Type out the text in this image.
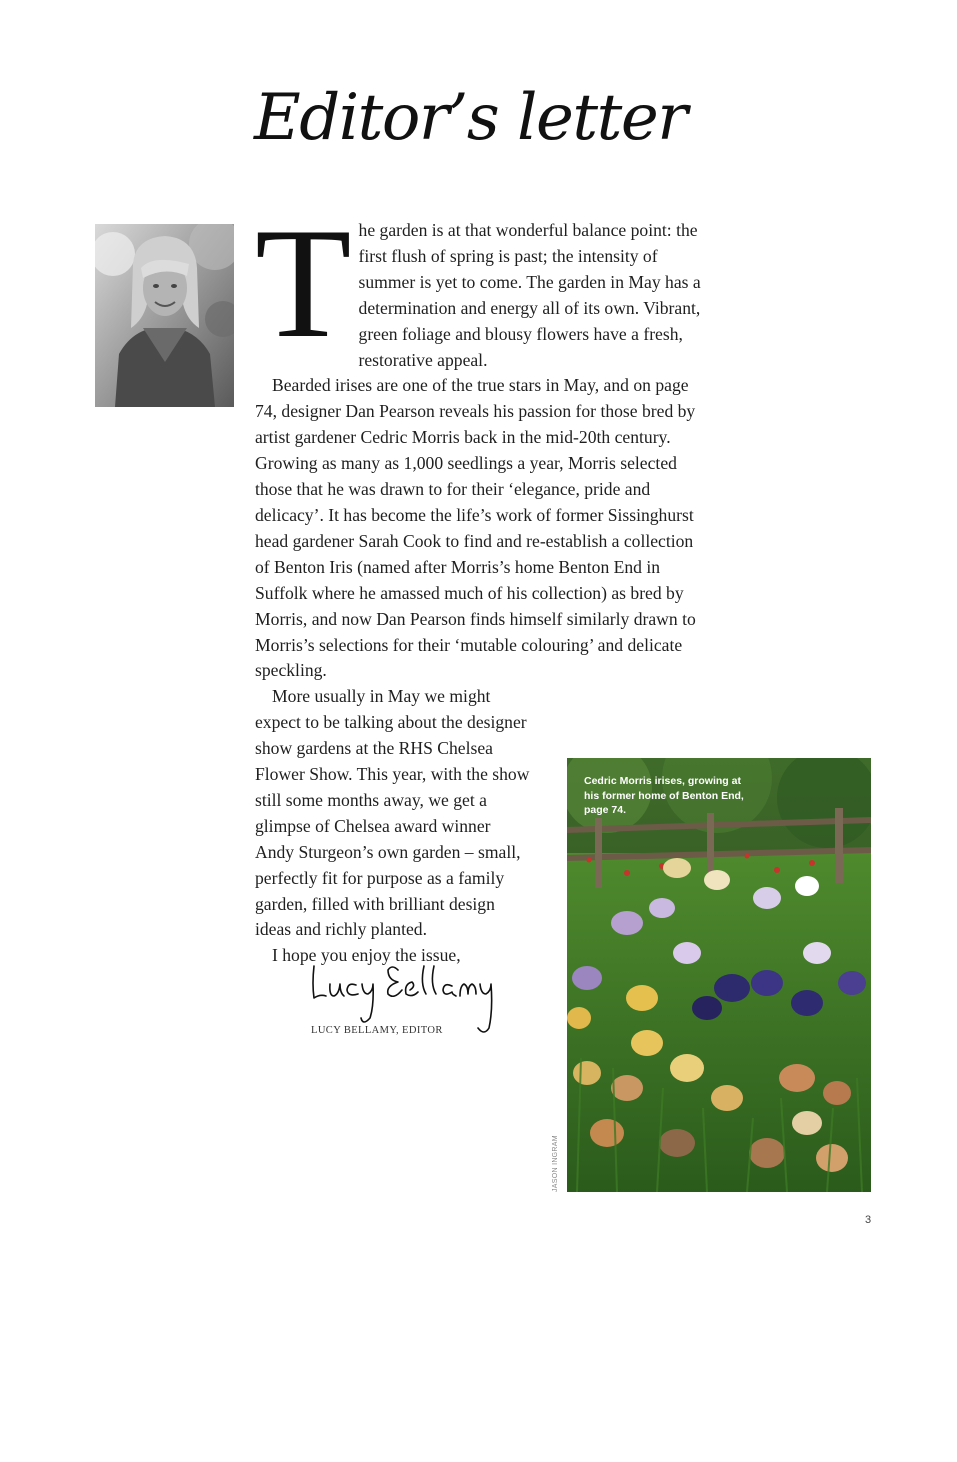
Editor’s letter
T he garden is at that wonderful balance point: the first flush of spring is past; the intensity of summer is yet to come. The garden in May has a determination and energy all of its own. Vibrant, green foliage and blousy flowers have a fresh, restorative appeal.

Bearded irises are one of the true stars in May, and on page 74, designer Dan Pearson reveals his passion for those bred by artist gardener Cedric Morris back in the mid-20th century. Growing as many as 1,000 seedlings a year, Morris selected those that he was drawn to for their ‘elegance, pride and delicacy’. It has become the life’s work of former Sissinghurst head gardener Sarah Cook to find and re-establish a collection of Benton Iris (named after Morris’s home Benton End in Suffolk where he amassed much of his collection) as bred by Morris, and now Dan Pearson finds himself similarly drawn to Morris’s selections for their ‘mutable colouring’ and delicate speckling.

More usually in May we might expect to be talking about the designer show gardens at the RHS Chelsea Flower Show. This year, with the show still some months away, we get a glimpse of Chelsea award winner Andy Sturgeon’s own garden – small, perfectly fit for purpose as a family garden, filled with brilliant design ideas and richly planted.

I hope you enjoy the issue,

LUCY BELLAMY, EDITOR

Cedric Morris irises, growing at his former home of Benton End, page 74.

JASON INGRAM

3
